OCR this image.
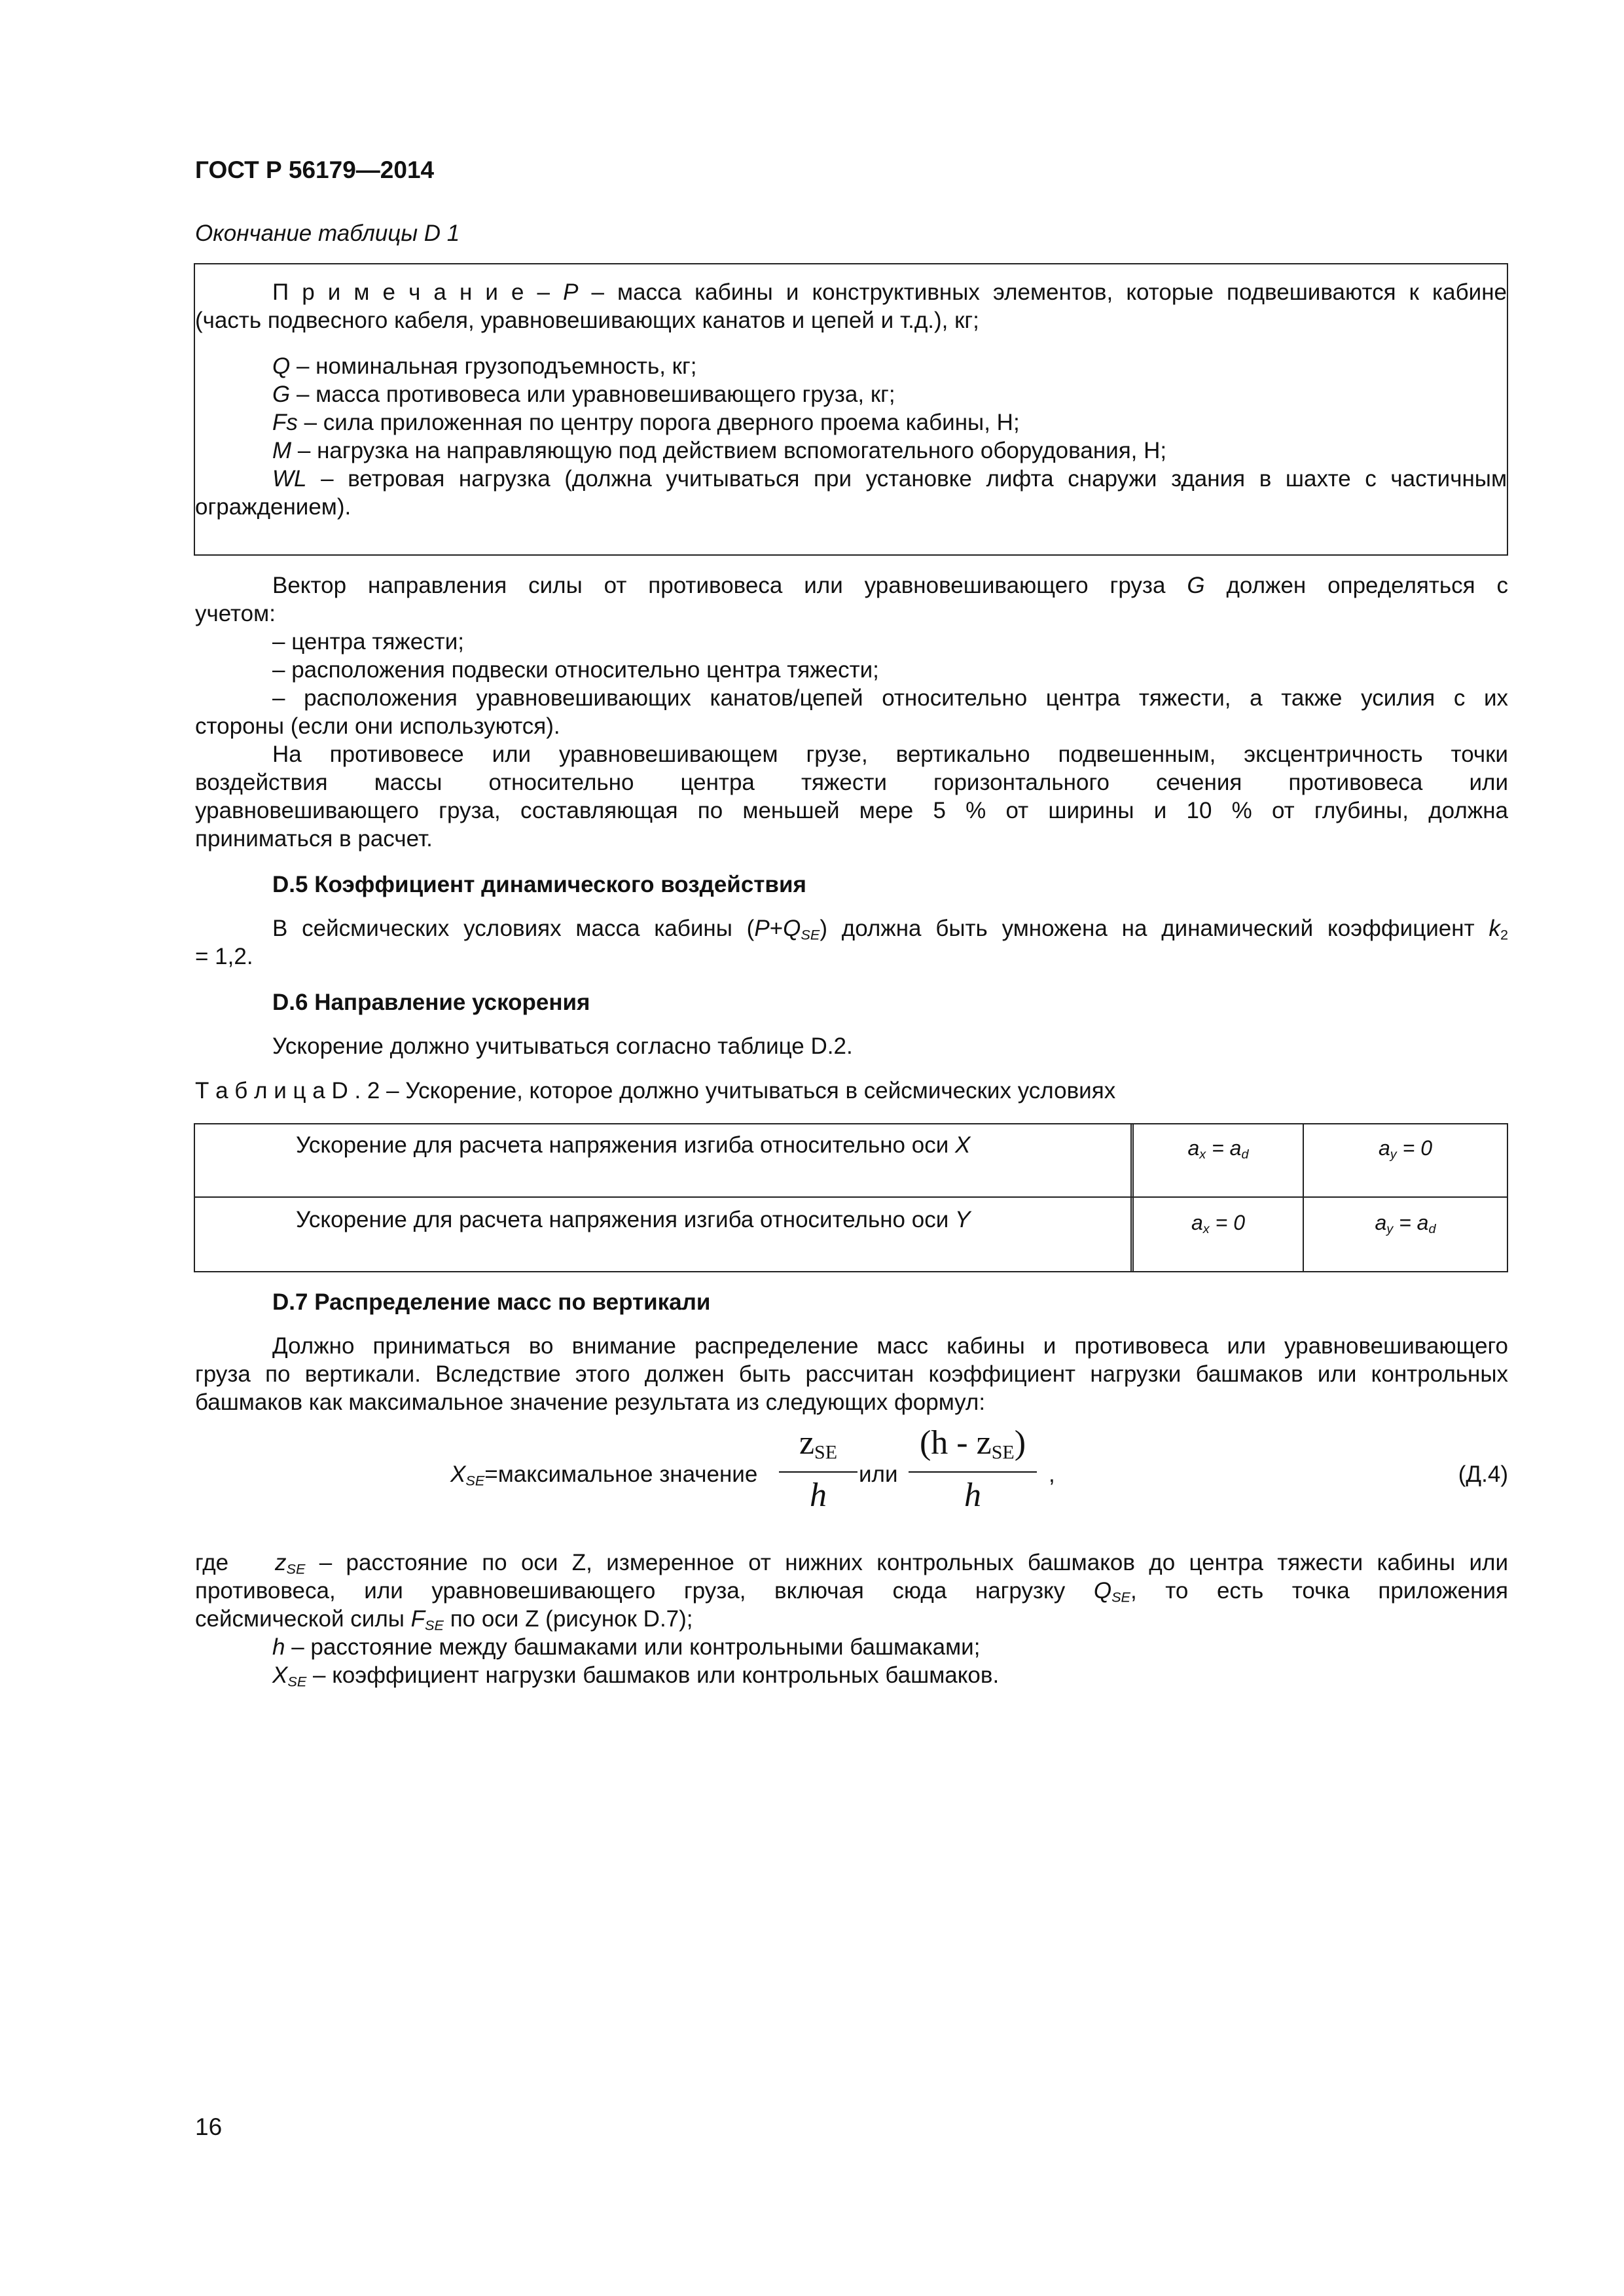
ГОСТ Р 56179—2014
Окончание таблицы D 1
П р и м е ч а н и е – P – масса кабины и конструктивных элементов, которые подвешиваются к кабине
(часть подвесного кабеля, уравновешивающих канатов и цепей и т.д.), кг;
Q – номинальная грузоподъемность, кг;
G – масса противовеса или уравновешивающего груза, кг;
Fs – сила приложенная по центру порога дверного проема кабины, Н;
M – нагрузка на направляющую под действием вспомогательного оборудования, Н;
WL – ветровая нагрузка (должна учитываться при установке лифта снаружи здания в шахте с частичным
ограждением).
Вектор направления силы от противовеса или уравновешивающего груза G должен определяться с
учетом:
– центра тяжести;
– расположения подвески относительно центра тяжести;
– расположения уравновешивающих канатов/цепей относительно центра тяжести, а также усилия с их
стороны (если они используются).
На противовесе или уравновешивающем грузе, вертикально подвешенным, эксцентричность точки
воздействия массы относительно центра тяжести горизонтального сечения противовеса или
уравновешивающего груза, составляющая по меньшей мере 5 % от ширины и 10 % от глубины, должна
приниматься в расчет.
D.5 Коэффициент динамического воздействия
В сейсмических условиях масса кабины $(P+Q_{SE})$ должна быть умножена на динамический коэффициент $k_2$
= 1,2.
D.6 Направление ускорения
Ускорение должно учитываться согласно таблице D.2.
Т а б л и ц а D . 2 – Ускорение, которое должно учитываться в сейсмических условиях
Ускорение для расчета напряжения изгиба относительно оси X	$a_x = a_d$	$a_y = 0$
Ускорение для расчета напряжения изгиба относительно оси Y	$a_x = 0$	$a_y = a_d$
D.7 Распределение масс по вертикали
Должно приниматься во внимание распределение масс кабины и противовеса или уравновешивающего
груза по вертикали. Вследствие этого должен быть рассчитан коэффициент нагрузки башмаков или контрольных
башмаков как максимальное значение результата из следующих формул:
$X_{SE}=максимальное$ значение
$z_{SE}$
h
или
$(h - z_{SE})$
h
,	(Д.4)
где $z_{SE}$ – расстояние по оси Z, измеренное от нижних контрольных башмаков до центра тяжести кабины или
противовеса, или уравновешивающего груза, включая сюда нагрузку $Q_{SE}$, то есть точка приложения
сейсмической силы $F_{SE}$ по оси Z (рисунок D.7);
h – расстояние между башмаками или контрольными башмаками;
$X_{SE}$ – коэффициент нагрузки башмаков или контрольных башмаков.
16
